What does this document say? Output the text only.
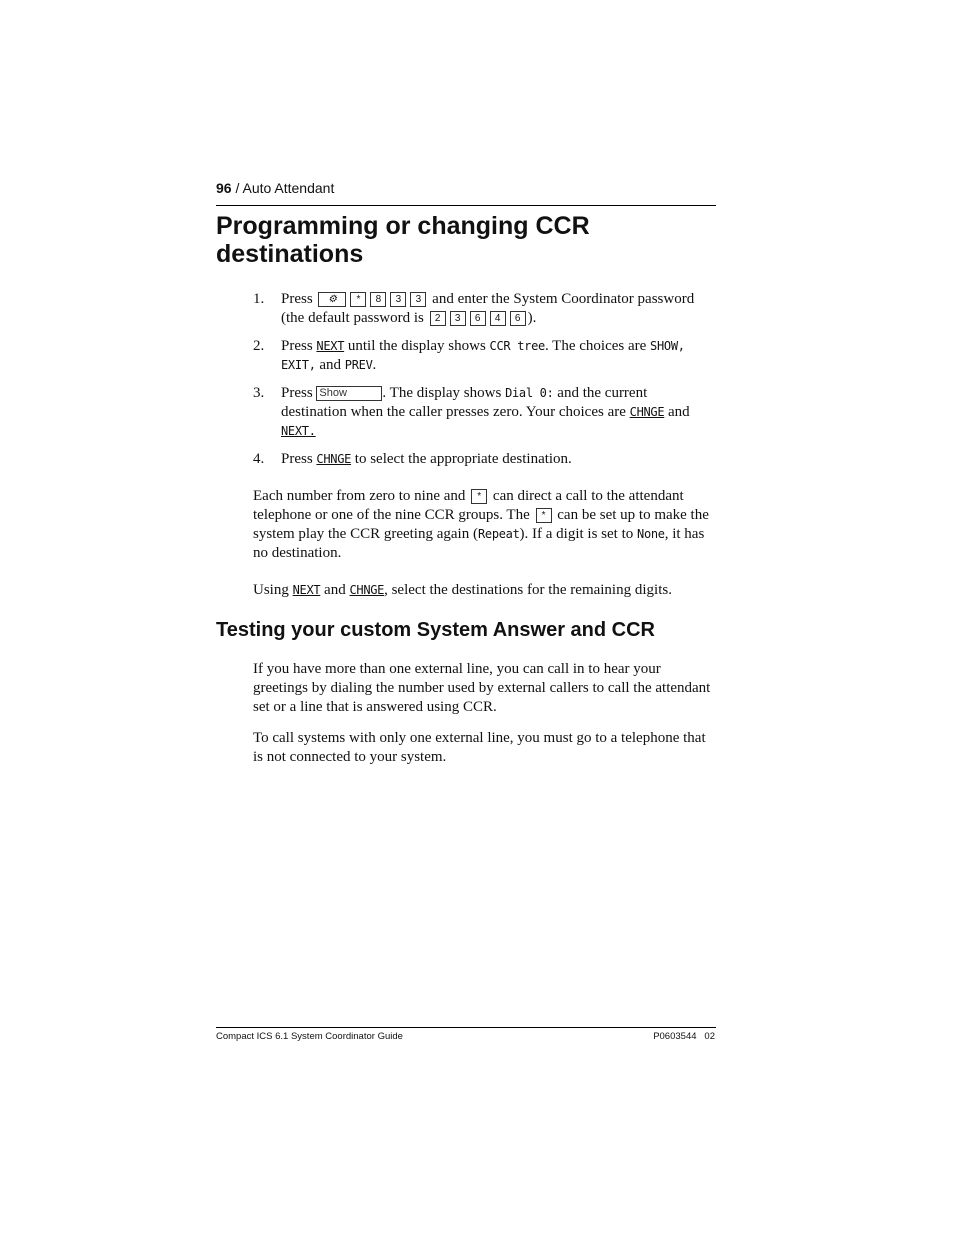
96 / Auto Attendant
Programming or changing CCR destinations
1. Press ⚙ * 8 3 3 and enter the System Coordinator password (the default password is 2 3 6 4 6 ).
2. Press NEXT until the display shows CCR tree. The choices are SHOW, EXIT, and PREV.
3. Press Show . The display shows Dial 0: and the current destination when the caller presses zero. Your choices are CHNGE and NEXT.
4. Press CHNGE to select the appropriate destination.

Each number from zero to nine and * can direct a call to the attendant telephone or one of the nine CCR groups. The * can be set up to make the system play the CCR greeting again (Repeat). If a digit is set to None, it has no destination.

Using NEXT and CHNGE, select the destinations for the remaining digits.

Testing your custom System Answer and CCR

If you have more than one external line, you can call in to hear your greetings by dialing the number used by external callers to call the attendant set or a line that is answered using CCR.

To call systems with only one external line, you must go to a telephone that is not connected to your system.

Compact ICS 6.1 System Coordinator Guide	P0603544   02
